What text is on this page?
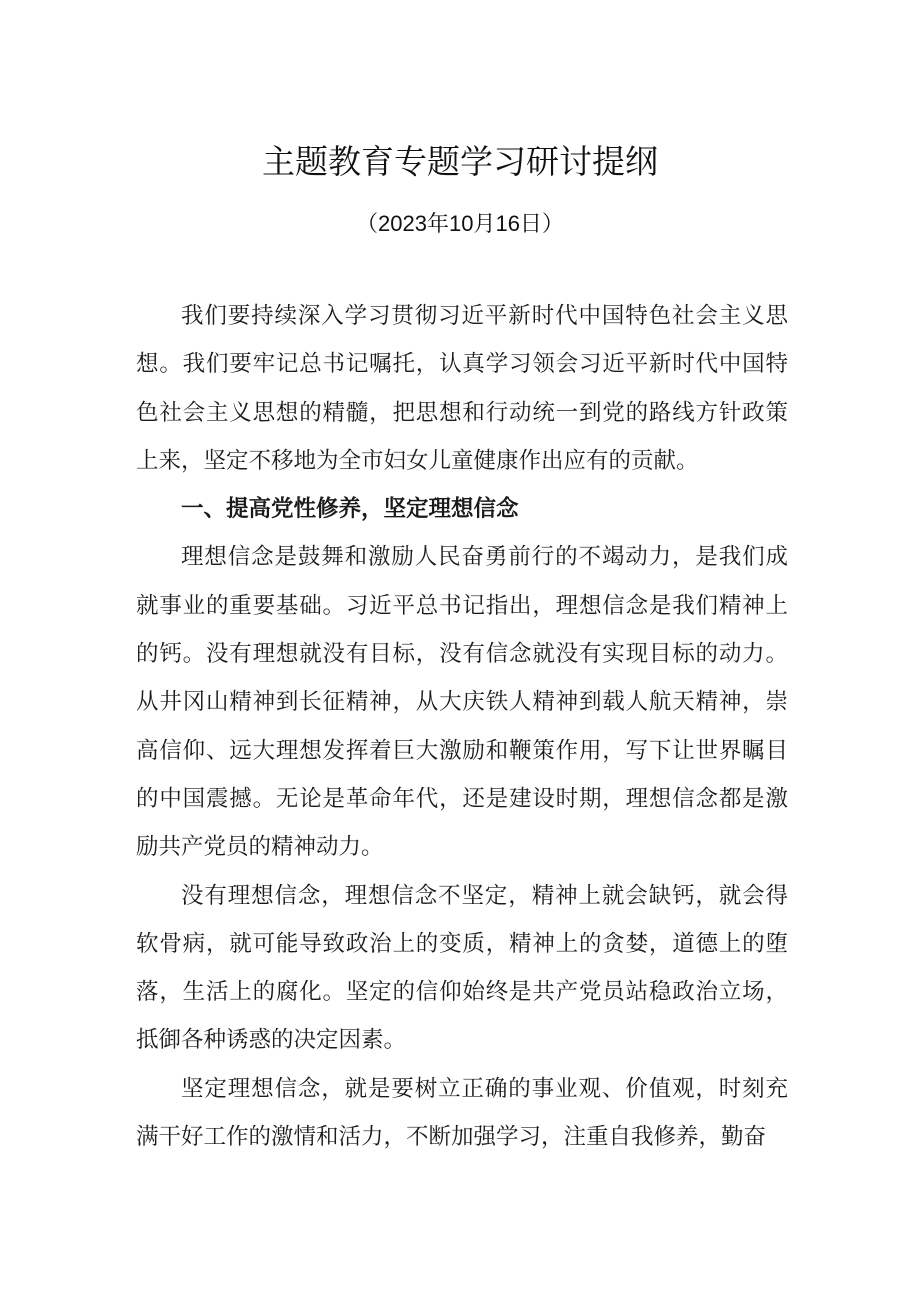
主题教育专题学习研讨提纲
（2023年10月16日）

我们要持续深入学习贯彻习近平新时代中国特色社会主义思想。我们要牢记总书记嘱托，认真学习领会习近平新时代中国特色社会主义思想的精髓，把思想和行动统一到党的路线方针政策上来，坚定不移地为全市妇女儿童健康作出应有的贡献。

一、提高党性修养，坚定理想信念

理想信念是鼓舞和激励人民奋勇前行的不竭动力，是我们成就事业的重要基础。习近平总书记指出，理想信念是我们精神上的钙。没有理想就没有目标，没有信念就没有实现目标的动力。从井冈山精神到长征精神，从大庆铁人精神到载人航天精神，崇高信仰、远大理想发挥着巨大激励和鞭策作用，写下让世界瞩目的中国震撼。无论是革命年代，还是建设时期，理想信念都是激励共产党员的精神动力。

没有理想信念，理想信念不坚定，精神上就会缺钙，就会得软骨病，就可能导致政治上的变质，精神上的贪婪，道德上的堕落，生活上的腐化。坚定的信仰始终是共产党员站稳政治立场，抵御各种诱惑的决定因素。

坚定理想信念，就是要树立正确的事业观、价值观，时刻充满干好工作的激情和活力，不断加强学习，注重自我修养，勤奋
